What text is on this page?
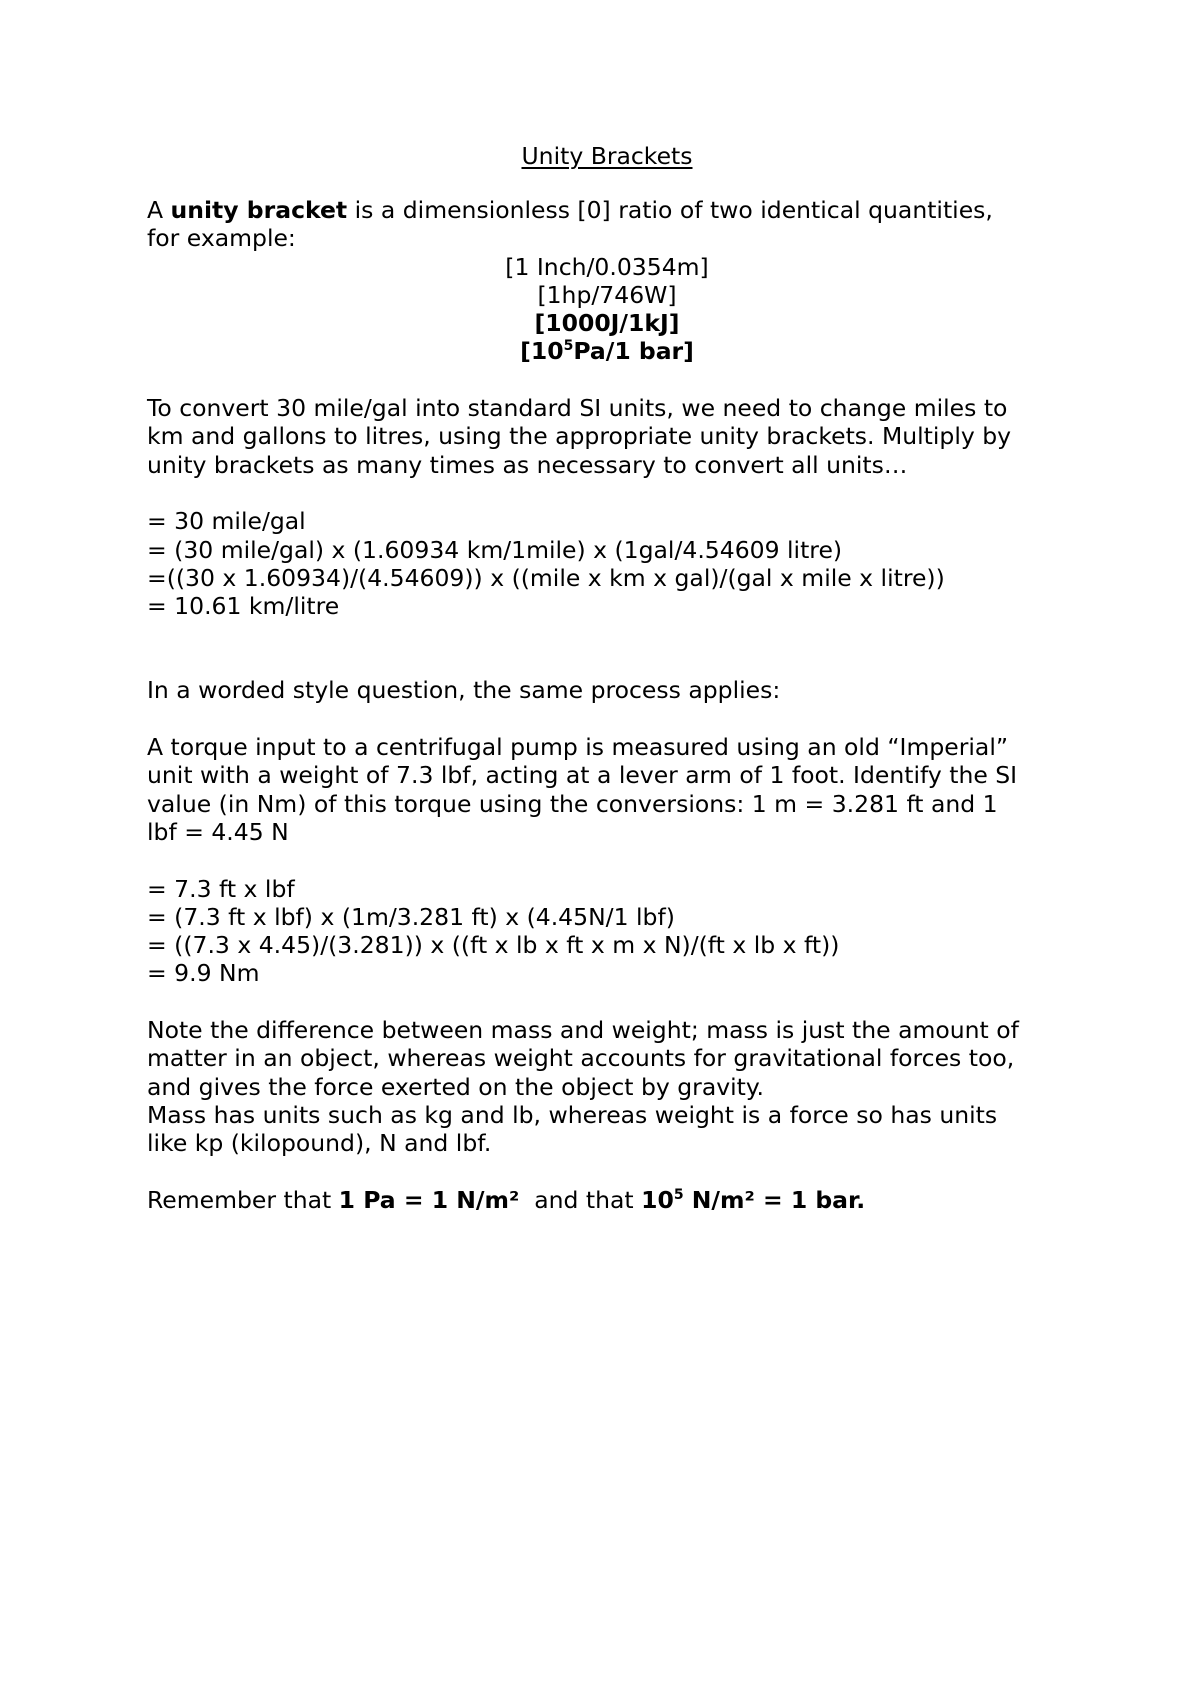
Unity Brackets
A unity bracket is a dimensionless [0] ratio of two identical quantities,
for example:
[1 Inch/0.0354m]
[1hp/746W]
[1000J/1kJ]
[$10^5Pa/1$ bar]
To convert 30 mile/gal into standard SI units, we need to change miles to
km and gallons to litres, using the appropriate unity brackets. Multiply by
unity brackets as many times as necessary to convert all units…
= 30 mile/gal
= (30 mile/gal) x (1.60934 km/1mile) x (1gal/4.54609 litre)
=((30 x 1.60934)/(4.54609)) x ((mile x km x gal)/(gal x mile x litre))
= 10.61 km/litre
In a worded style question, the same process applies:
A torque input to a centrifugal pump is measured using an old “Imperial”
unit with a weight of 7.3 lbf, acting at a lever arm of 1 foot. Identify the SI
value (in Nm) of this torque using the conversions: 1 m = 3.281 ft and 1
lbf = 4.45 N
= 7.3 ft x lbf
= (7.3 ft x lbf) x (1m/3.281 ft) x (4.45N/1 lbf)
= ((7.3 x 4.45)/(3.281)) x ((ft x lb x ft x m x N)/(ft x lb x ft))
= 9.9 Nm
Note the difference between mass and weight; mass is just the amount of
matter in an object, whereas weight accounts for gravitational forces too,
and gives the force exerted on the object by gravity.
Mass has units such as kg and lb, whereas weight is a force so has units
like kp (kilopound), N and lbf.
Remember that 1 Pa = 1 N/m²  and that $10^5$ N/m² = 1 bar.
